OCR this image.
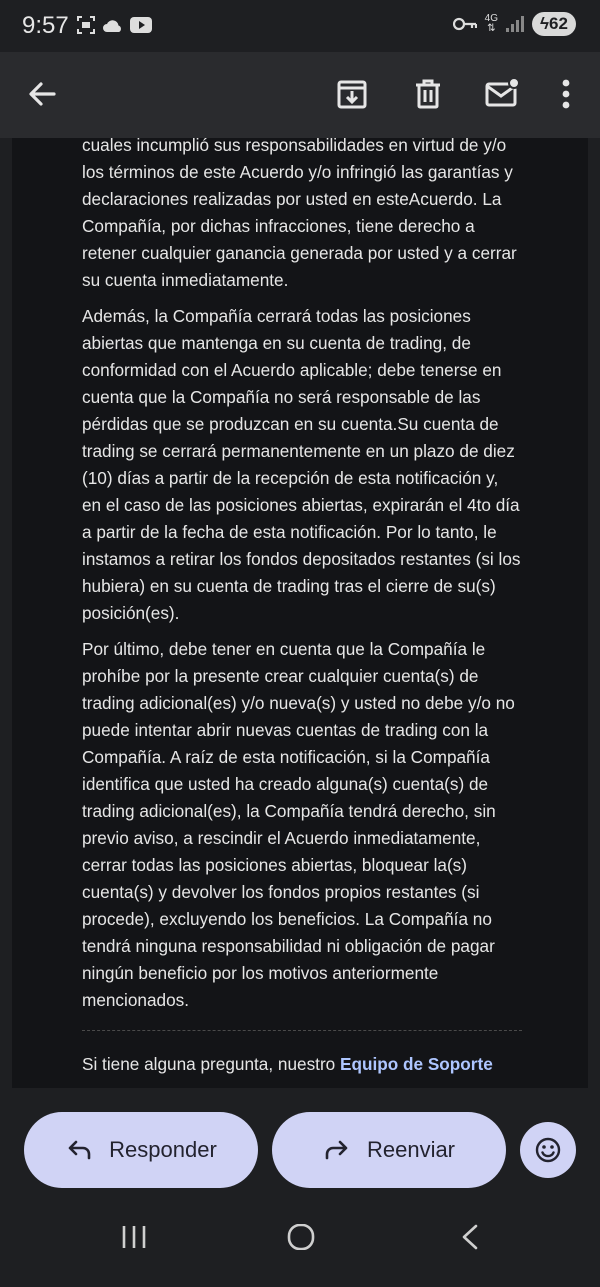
9:57	4G
⇅	ϟ 62

cuales incumplió sus responsabilidades en virtud de y/o los términos de este Acuerdo y/o infringió las garantías y declaraciones realizadas por usted en esteAcuerdo. La Compañía, por dichas infracciones, tiene derecho a retener cualquier ganancia generada por usted y a cerrar su cuenta inmediatamente.

Además, la Compañía cerrará todas las posiciones abiertas que mantenga en su cuenta de trading, de conformidad con el Acuerdo aplicable; debe tenerse en cuenta que la Compañía no será responsable de las pérdidas que se produzcan en su cuenta.Su cuenta de trading se cerrará permanentemente en un plazo de diez (10) días a partir de la recepción de esta notificación y, en el caso de las posiciones abiertas, expirarán el 4to día a partir de la fecha de esta notificación. Por lo tanto, le instamos a retirar los fondos depositados restantes (si los hubiera) en su cuenta de trading tras el cierre de su(s) posición(es).

Por último, debe tener en cuenta que la Compañía le prohíbe por la presente crear cualquier cuenta(s) de trading adicional(es) y/o nueva(s) y usted no debe y/o no puede intentar abrir nuevas cuentas de trading con la Compañía. A raíz de esta notificación, si la Compañía identifica que usted ha creado alguna(s) cuenta(s) de trading adicional(es), la Compañía tendrá derecho, sin previo aviso, a rescindir el Acuerdo inmediatamente, cerrar todas las posiciones abiertas, bloquear la(s) cuenta(s) y devolver los fondos propios restantes (si procede), excluyendo los beneficios. La Compañía no tendrá ninguna responsabilidad ni obligación de pagar ningún beneficio por los motivos anteriormente mencionados.

Si tiene alguna pregunta, nuestro Equipo de Soporte

Responder	Reenviar
